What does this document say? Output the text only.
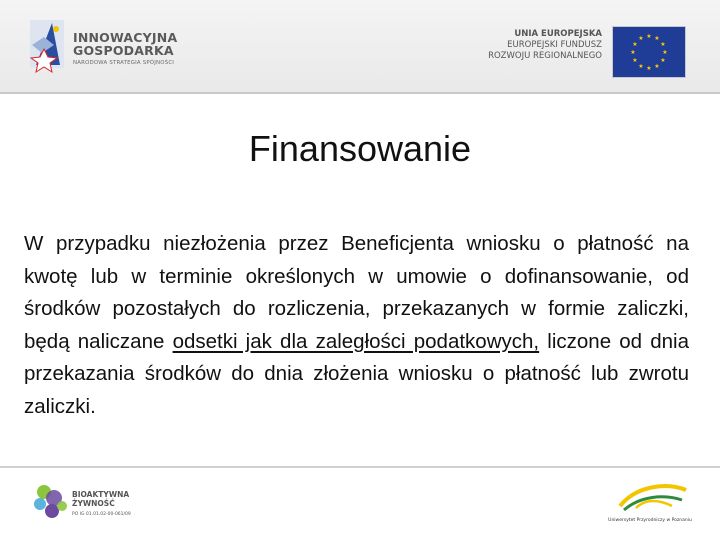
INNOWACYJNA
GOSPODARKA
NARODOWA STRATEGIA SPÓJNOŚCI
UNIA EUROPEJSKA
EUROPEJSKI FUNDUSZ
ROZWOJU REGIONALNEGO
★ ★
★
★
★
★
★
★
★
★
★
★
Finansowanie
W przypadku niezłożenia przez Beneficjenta wniosku o płatność na kwotę lub w terminie określonych w umowie o dofinansowanie, od środków pozostałych do rozliczenia, przekazanych w formie zaliczki, będą naliczane odsetki jak dla zaległości podatkowych, liczone od dnia przekazania środków do dnia złożenia wniosku o płatność lub zwrotu zaliczki.
BIOAKTYWNA
ŻYWNOŚĆ
PO IG 01.01.02-00-061/09
Uniwersytet Przyrodniczy w Poznaniu
